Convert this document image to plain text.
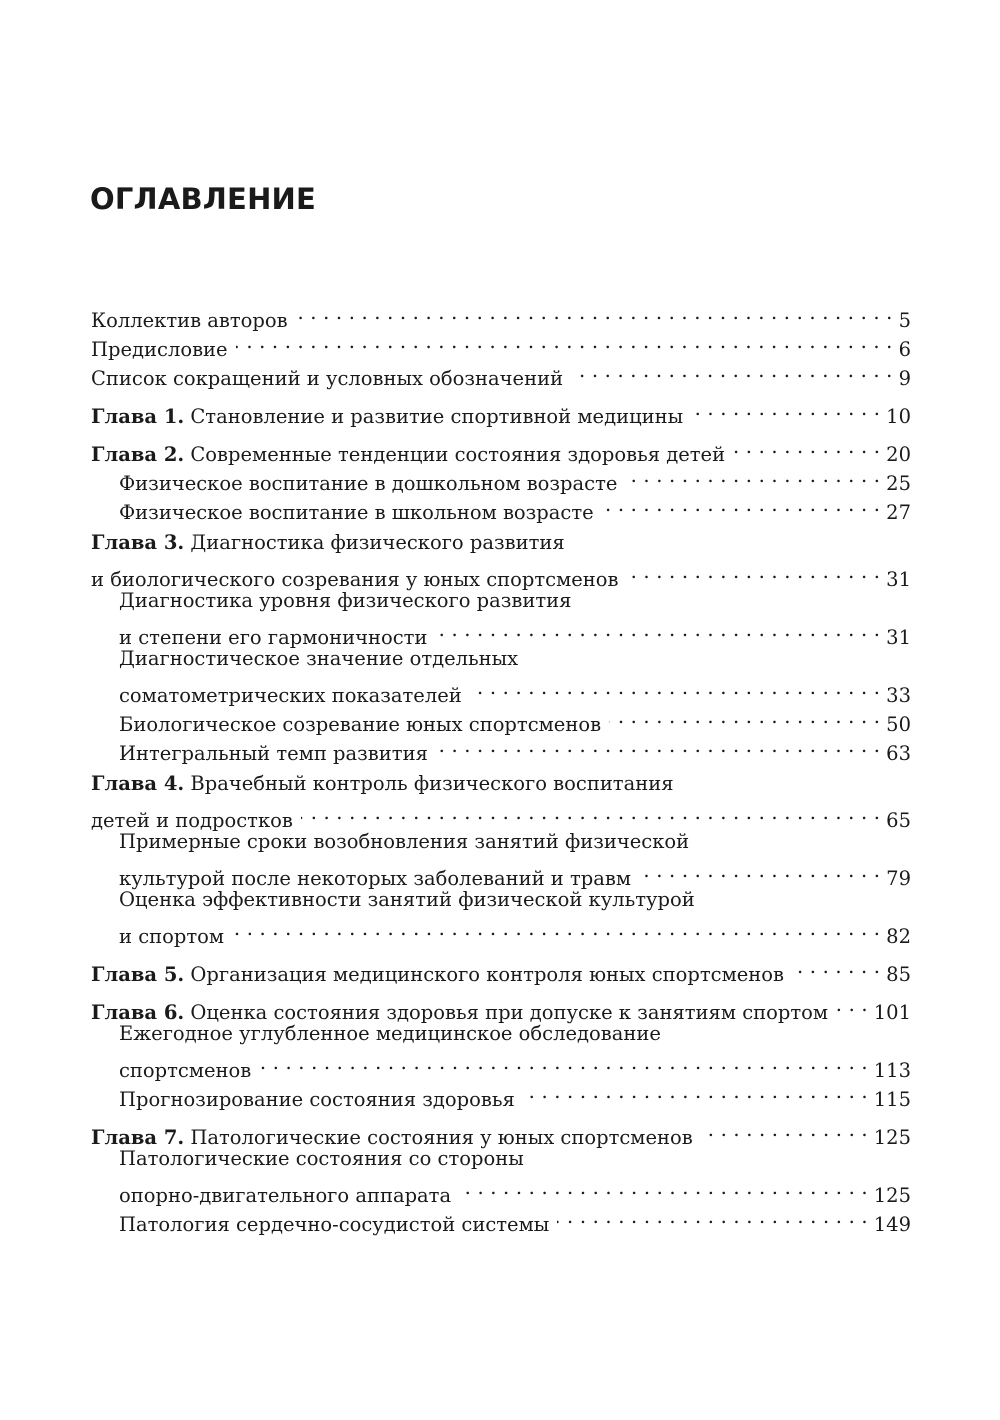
ОГЛАВЛЕНИЕ
Коллектив авторов . . .	5
Предисловие . . .	6
Список сокращений и условных обозначений . . .	9
Глава 1. Становление и развитие спортивной медицины . . .	10
Глава 2. Современные тенденции состояния здоровья детей . . .	20
Физическое воспитание в дошкольном возрасте . . .	25
Физическое воспитание в школьном возрасте . . .	27
Глава 3. Диагностика физического развития
и биологического созревания у юных спортсменов . . .	31
Диагностика уровня физического развития
и степени его гармоничности . . .	31
Диагностическое значение отдельных
соматометрических показателей . . .	33
Биологическое созревание юных спортсменов . . .	50
Интегральный темп развития . . .	63
Глава 4. Врачебный контроль физического воспитания
детей и подростков . . .	65
Примерные сроки возобновления занятий физической
культурой после некоторых заболеваний и травм . . .	79
Оценка эффективности занятий физической культурой
и спортом . . .	82
Глава 5. Организация медицинского контроля юных спортсменов . . .	85
Глава 6. Оценка состояния здоровья при допуске к занятиям спортом . . . 101
Ежегодное углубленное медицинское обследование
спортсменов . . .	113
Прогнозирование состояния здоровья . . .	115
Глава 7. Патологические состояния у юных спортсменов . . .	125
Патологические состояния со стороны
опорно-двигательного аппарата . . .	125
Патология сердечно-сосудистой системы . . .	149
